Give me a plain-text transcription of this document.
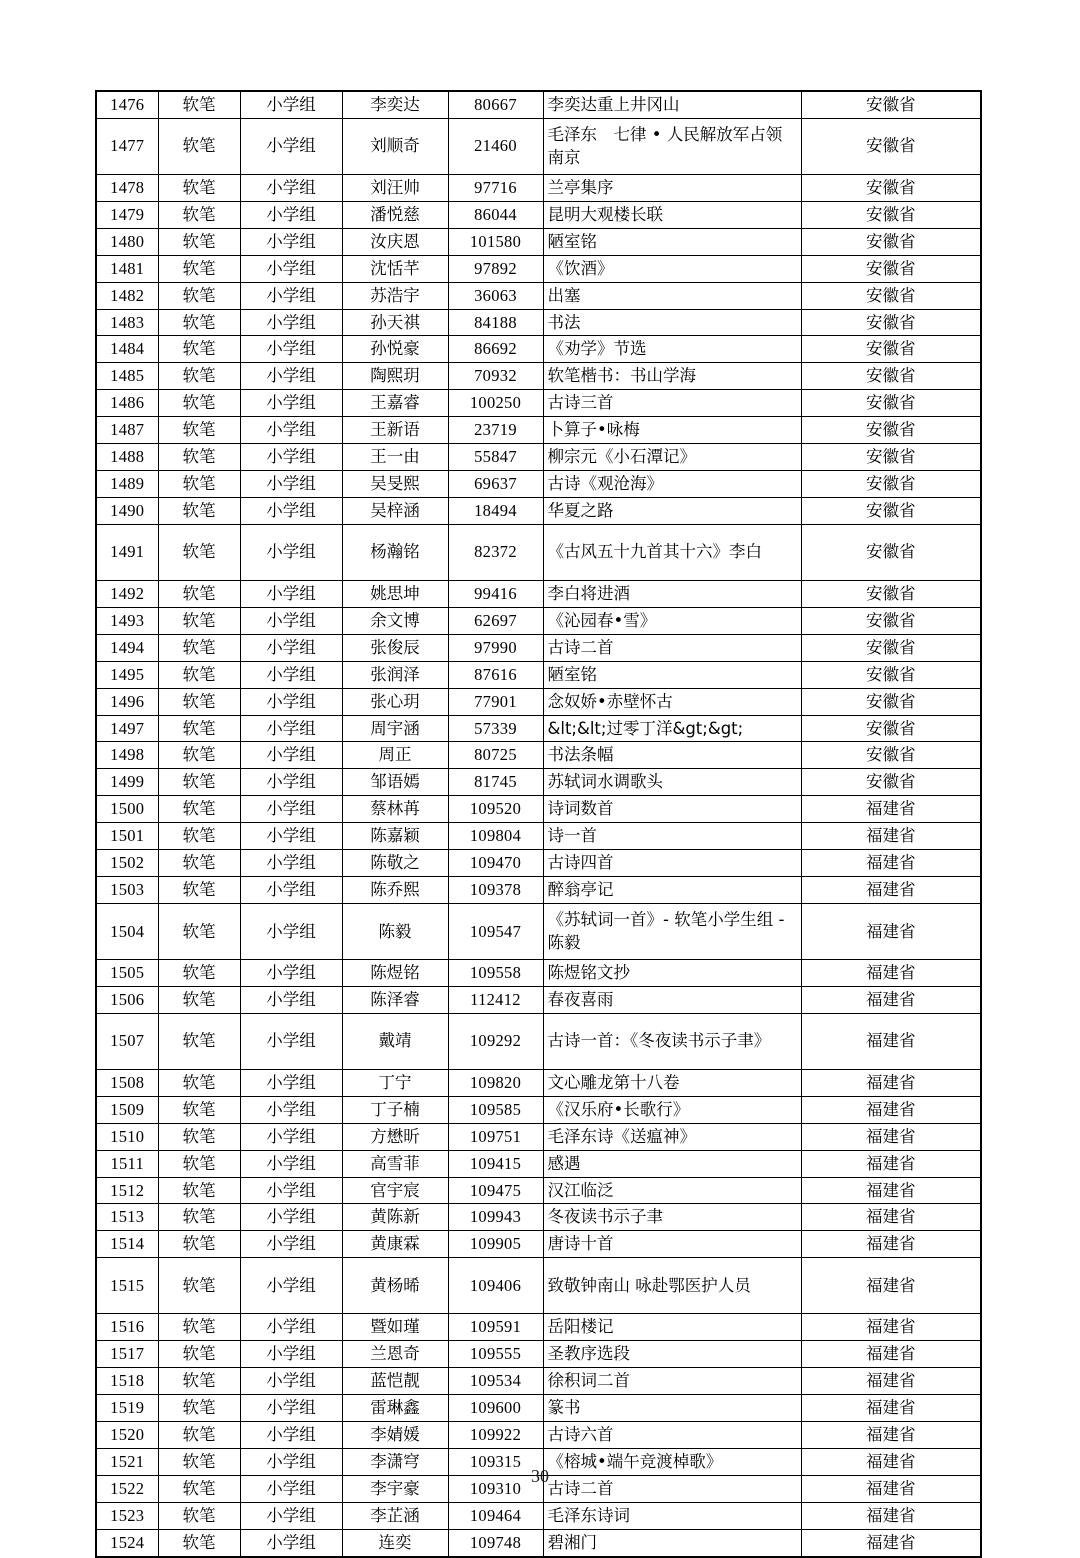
1476	软笔	小学组	李奕达	80667	李奕达重上井冈山	安徽省
1477	软笔	小学组	刘顺奇	21460	毛泽东　七律 • 人民解放军占领南京	安徽省
1478	软笔	小学组	刘汪帅	97716	兰亭集序	安徽省
1479	软笔	小学组	潘悦慈	86044	昆明大观楼长联	安徽省
1480	软笔	小学组	汝庆恩	101580	陋室铭	安徽省
1481	软笔	小学组	沈恬芊	97892	《饮酒》	安徽省
1482	软笔	小学组	苏浩宇	36063	出塞	安徽省
1483	软笔	小学组	孙天祺	84188	书法	安徽省
1484	软笔	小学组	孙悦豪	86692	《劝学》节选	安徽省
1485	软笔	小学组	陶熙玥	70932	软笔楷书：书山学海	安徽省
1486	软笔	小学组	王嘉睿	100250	古诗三首	安徽省
1487	软笔	小学组	王新语	23719	卜算子•咏梅	安徽省
1488	软笔	小学组	王一由	55847	柳宗元《小石潭记》	安徽省
1489	软笔	小学组	吴旻熙	69637	古诗《观沧海》	安徽省
1490	软笔	小学组	吴梓涵	18494	华夏之路	安徽省
1491	软笔	小学组	杨瀚铭	82372	《古风五十九首其十六》李白	安徽省
1492	软笔	小学组	姚思坤	99416	李白将进酒	安徽省
1493	软笔	小学组	余文博	62697	《沁园春•雪》	安徽省
1494	软笔	小学组	张俊辰	97990	古诗二首	安徽省
1495	软笔	小学组	张润泽	87616	陋室铭	安徽省
1496	软笔	小学组	张心玥	77901	念奴娇•赤壁怀古	安徽省
1497	软笔	小学组	周宇涵	57339	&lt;&lt;过零丁洋&gt;&gt;	安徽省
1498	软笔	小学组	周正	80725	书法条幅	安徽省
1499	软笔	小学组	邹语嫣	81745	苏轼词水调歌头	安徽省
1500	软笔	小学组	蔡林苒	109520	诗词数首	福建省
1501	软笔	小学组	陈嘉颖	109804	诗一首	福建省
1502	软笔	小学组	陈敬之	109470	古诗四首	福建省
1503	软笔	小学组	陈乔熙	109378	醉翁亭记	福建省
1504	软笔	小学组	陈毅	109547	《苏轼词一首》- 软笔小学生组 - 陈毅	福建省
1505	软笔	小学组	陈煜铭	109558	陈煜铭文抄	福建省
1506	软笔	小学组	陈泽睿	112412	春夜喜雨	福建省
1507	软笔	小学组	戴靖	109292	古诗一首：《冬夜读书示子聿》	福建省
1508	软笔	小学组	丁宁	109820	文心雕龙第十八卷	福建省
1509	软笔	小学组	丁子楠	109585	《汉乐府•长歌行》	福建省
1510	软笔	小学组	方懋昕	109751	毛泽东诗《送瘟神》	福建省
1511	软笔	小学组	高雪菲	109415	感遇	福建省
1512	软笔	小学组	官宇宸	109475	汉江临泛	福建省
1513	软笔	小学组	黄陈新	109943	冬夜读书示子聿	福建省
1514	软笔	小学组	黄康霖	109905	唐诗十首	福建省
1515	软笔	小学组	黄杨晞	109406	致敬钟南山 咏赴鄂医护人员	福建省
1516	软笔	小学组	暨如瑾	109591	岳阳楼记	福建省
1517	软笔	小学组	兰恩奇	109555	圣教序选段	福建省
1518	软笔	小学组	蓝恺靓	109534	徐积词二首	福建省
1519	软笔	小学组	雷琳鑫	109600	篆书	福建省
1520	软笔	小学组	李婧媛	109922	古诗六首	福建省
1521	软笔	小学组	李潇穹	109315	《榕城•端午竞渡棹歌》	福建省
1522	软笔	小学组	李宇豪	109310	古诗二首	福建省
1523	软笔	小学组	李芷涵	109464	毛泽东诗词	福建省
1524	软笔	小学组	连奕	109748	碧湘门	福建省
30
